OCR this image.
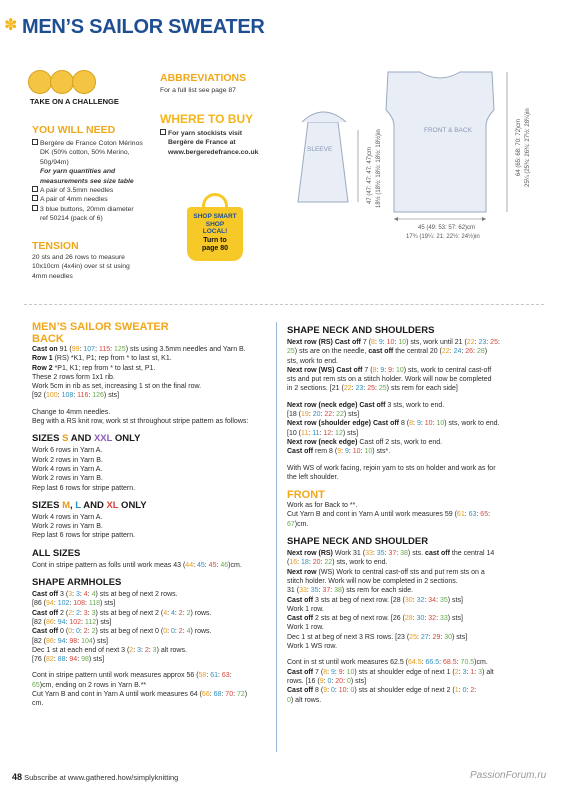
✽ MEN’S SAILOR SWEATER
TAKE ON A CHALLENGE
YOU WILL NEED
Bergère de France Coton Mérinos
DK (50% cotton, 50% Merino,
50g/94m)
For yarn quantities and
measurements see size table
A pair of 3.5mm needles
A pair of 4mm needles
3 blue buttons, 20mm diameter
ref 50214 (pack of 6)
TENSION
20 sts and 26 rows to measure
10x10cm (4x4in) over st st using
4mm needles
ABBREVIATIONS
For a full list see page 87
WHERE TO BUY
For yarn stockists visit
Bergère de France at
www.bergeredefrance.co.uk
SHOP SMART
SHOP
LOCAL!
Turn to
page 80
SLEEVE
FRONT & BACK
47 (47: 47: 47: 47)cm 18½ (18½: 18½: 18½: 18½)in	64 (65: 68: 70: 72)cm 25¼ (25¾: 26¾: 27½: 28¼)in
45 (49: 53: 57: 62)cm
17¾ (19¼: 21: 22½: 24½)in
MEN’S SAILOR SWEATER
BACK
Cast on 91 (99: 107: 115: 125) sts using 3.5mm needles and Yarn B.
Row 1 (RS) *K1, P1; rep from * to last st, K1.
Row 2 *P1, K1; rep from * to last st, P1.
These 2 rows form 1x1 rib.
Work 5cm in rib as set, increasing 1 st on the final row.
[92 (100: 108: 116: 126) sts]
Change to 4mm needles.
Beg with a RS knit row, work st st throughout stripe pattern as follows:
SIZES S AND XXL ONLY
Work 6 rows in Yarn A.
Work 2 rows in Yarn B.
Work 4 rows in Yarn A.
Work 2 rows in Yarn B.
Rep last 6 rows for stripe pattern.
SIZES M, L AND XL ONLY
Work 4 rows in Yarn A.
Work 2 rows in Yarn B.
Rep last 6 rows for stripe pattern.
ALL SIZES
Cont in stripe pattern as folls until work meas 43 (44: 45: 45: 46)cm.
SHAPE ARMHOLES
Cast off 3 (3: 3: 4: 4) sts at beg of next 2 rows.
[86 (94: 102: 108: 118) sts]
Cast off 2 (2: 2: 3: 3) sts at beg of next 2 (4: 4: 2: 2) rows.
[82 (86: 94: 102: 112) sts]
Cast off 0 (0: 0: 2: 2) sts at beg of next 0 (0: 0: 2: 4) rows.
[82 (86: 94: 98: 104) sts]
Dec 1 st at each end of next 3 (2: 3: 2: 3) alt rows.
[76 (82: 88: 94: 98) sts]
Cont in stripe pattern until work measures approx 56 (58: 61: 63:
65)cm, ending on 2 rows in Yarn B.**
Cut Yarn B and cont in Yarn A until work measures 64 (66: 68: 70: 72)
cm.
SHAPE NECK AND SHOULDERS
Next row (RS) Cast off 7 (8: 9: 10: 10) sts, work until 21 (22: 23: 25:
25) sts are on the needle, cast off the central 20 (22: 24: 26: 28)
sts, work to end.
Next row (WS) Cast off 7 (8: 9: 9: 10) sts, work to central cast-off
sts and put rem sts on a stitch holder. Work will now be completed
in 2 sections. [21 (22: 23: 25: 25) sts rem for each side]
Next row (neck edge) Cast off 3 sts, work to end.
[18 (19: 20: 22: 22) sts]
Next row (shoulder edge) Cast off 8 (8: 9: 10: 10) sts, work to end.
[10 (11: 11: 12: 12) sts]
Next row (neck edge) Cast off 2 sts, work to end.
Cast off rem 8 (9: 9: 10: 10) sts*.
With WS of work facing, rejoin yarn to sts on holder and work as for
the left shoulder.
FRONT
Work as for Back to **.
Cut Yarn B and cont in Yarn A until work measures 59 (61: 63: 65:
67)cm.
SHAPE NECK AND SHOULDER
Next row (RS) Work 31 (33: 35: 37: 38) sts. cast off the central 14
(16: 18: 20: 22) sts, work to end.
Next row (WS) Work to central cast-off sts and put rem sts on a
stitch holder. Work will now be completed in 2 sections.
31 (33: 35: 37: 38) sts rem for each side.
Cast off 3 sts at beg of next row. [28 (30: 32: 34: 35) sts]
Work 1 row.
Cast off 2 sts at beg of next row. [26 (28: 30: 32: 33) sts]
Work 1 row.
Dec 1 st at beg of next 3 RS rows. [23 (25: 27: 29: 30) sts]
Work 1 WS row.
Cont in st st until work measures 62.5 (64.5: 66.5: 68.5: 70.5)cm.
Cast off 7 (8: 9: 9: 10) sts at shoulder edge of next 1 (2: 3: 1: 3) alt
rows. [16 (9: 0: 20: 0) sts]
Cast off 8 (9: 0: 10: 0) sts at shoulder edge of next 2 (1: 0: 2:
0) alt rows.
48 Subscribe at www.gathered.how/simplyknitting	PassionForum.ru
